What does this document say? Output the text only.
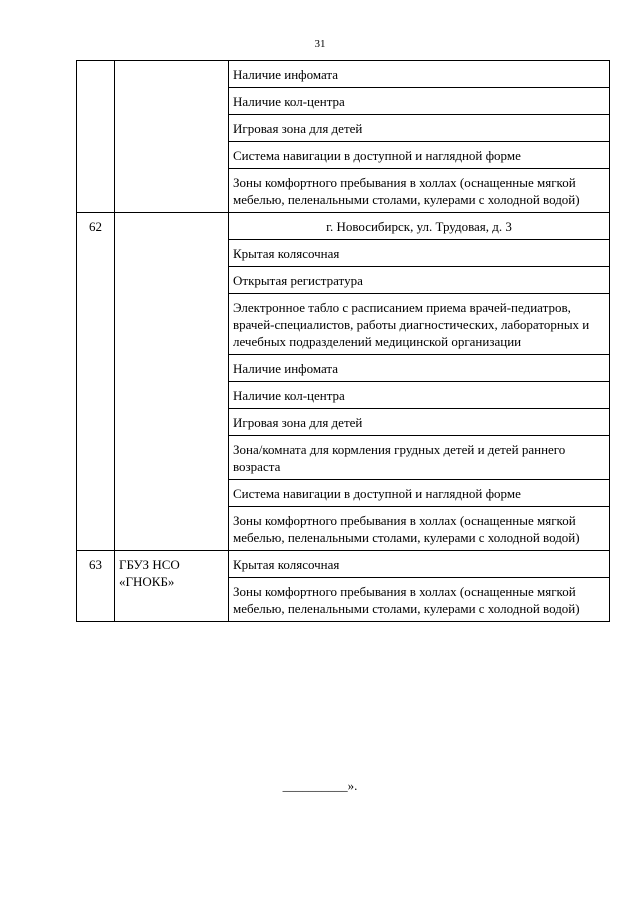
31
		Наличие инфомата
		Наличие кол-центра
		Игровая зона для детей
		Система навигации в доступной и наглядной форме
		Зоны комфортного пребывания в холлах (оснащенные мягкой мебелью, пеленальными столами, кулерами с холодной водой)
62		г. Новосибирск, ул. Трудовая, д. 3
		Крытая колясочная
		Открытая регистратура
		Электронное табло с расписанием приема врачей-педиатров, врачей-специалистов, работы диагностических, лабораторных и лечебных подразделений медицинской организации
		Наличие инфомата
		Наличие кол-центра
		Игровая зона для детей
		Зона/комната для кормления грудных детей и детей раннего возраста
		Система навигации в доступной и наглядной форме
		Зоны комфортного пребывания в холлах (оснащенные мягкой мебелью, пеленальными столами, кулерами с холодной водой)
63	ГБУЗ НСО «ГНОКБ»	Крытая колясочная
		Зоны комфортного пребывания в холлах (оснащенные мягкой мебелью, пеленальными столами, кулерами с холодной водой)
__________».
